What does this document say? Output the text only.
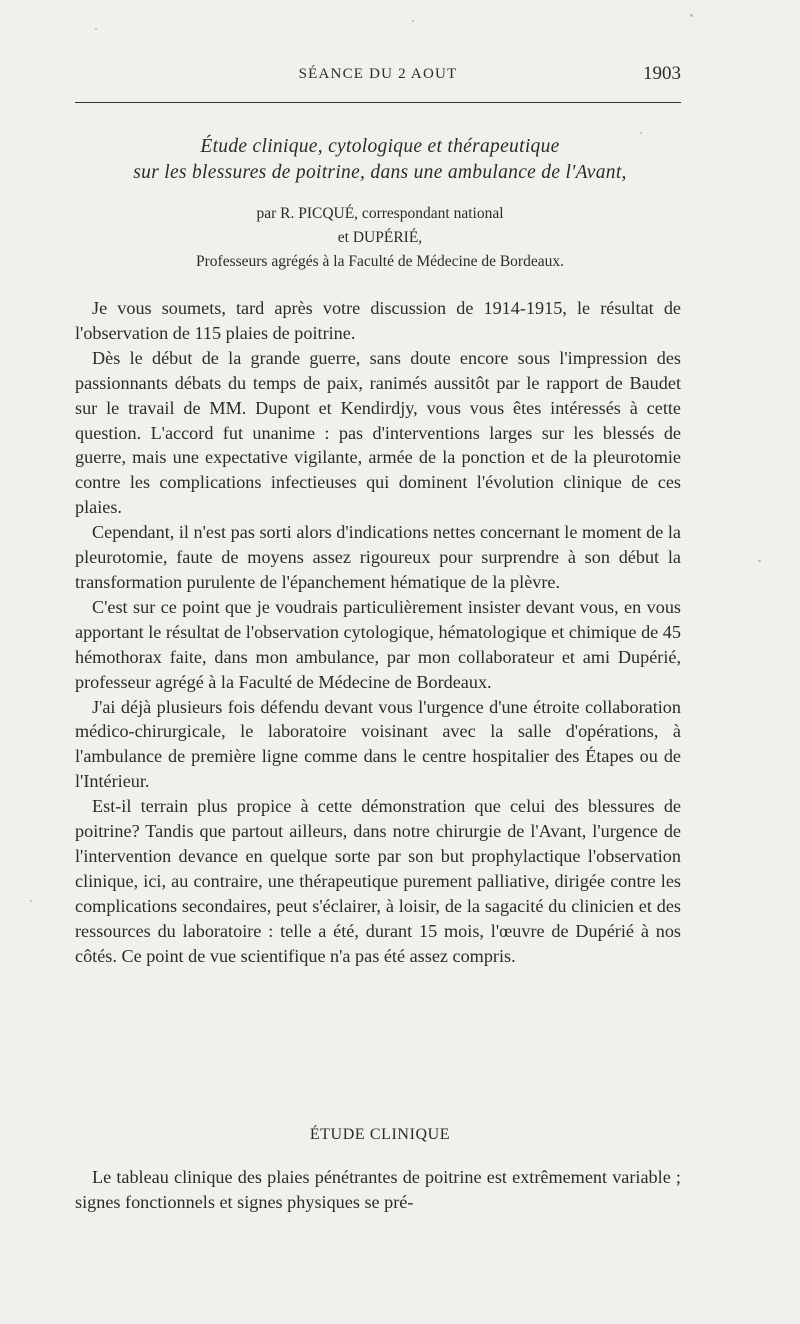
SÉANCE DU 2 AOUT	1903
Étude clinique, cytologique et thérapeutique
sur les blessures de poitrine, dans une ambulance de l'Avant,
par R. PICQUÉ, correspondant national
et DUPÉRIÉ,
Professeurs agrégés à la Faculté de Médecine de Bordeaux.

Je vous soumets, tard après votre discussion de 1914-1915, le résultat de l'observation de 115 plaies de poitrine.

Dès le début de la grande guerre, sans doute encore sous l'impression des passionnants débats du temps de paix, ranimés aussitôt par le rapport de Baudet sur le travail de MM. Dupont et Kendirdjy, vous vous êtes intéressés à cette question. L'accord fut unanime : pas d'interventions larges sur les blessés de guerre, mais une expectative vigilante, armée de la ponction et de la pleurotomie contre les complications infectieuses qui dominent l'évolution clinique de ces plaies.

Cependant, il n'est pas sorti alors d'indications nettes concernant le moment de la pleurotomie, faute de moyens assez rigoureux pour surprendre à son début la transformation purulente de l'épanchement hématique de la plèvre.

C'est sur ce point que je voudrais particulièrement insister devant vous, en vous apportant le résultat de l'observation cytologique, hématologique et chimique de 45 hémothorax faite, dans mon ambulance, par mon collaborateur et ami Dupérié, professeur agrégé à la Faculté de Médecine de Bordeaux.

J'ai déjà plusieurs fois défendu devant vous l'urgence d'une étroite collaboration médico-chirurgicale, le laboratoire voisinant avec la salle d'opérations, à l'ambulance de première ligne comme dans le centre hospitalier des Étapes ou de l'Intérieur.

Est-il terrain plus propice à cette démonstration que celui des blessures de poitrine? Tandis que partout ailleurs, dans notre chirurgie de l'Avant, l'urgence de l'intervention devance en quelque sorte par son but prophylactique l'observation clinique, ici, au contraire, une thérapeutique purement palliative, dirigée contre les complications secondaires, peut s'éclairer, à loisir, de la sagacité du clinicien et des ressources du laboratoire : telle a été, durant 15 mois, l'œuvre de Dupérié à nos côtés. Ce point de vue scientifique n'a pas été assez compris.

ÉTUDE CLINIQUE

Le tableau clinique des plaies pénétrantes de poitrine est extrêmement variable ; signes fonctionnels et signes physiques se pré-
